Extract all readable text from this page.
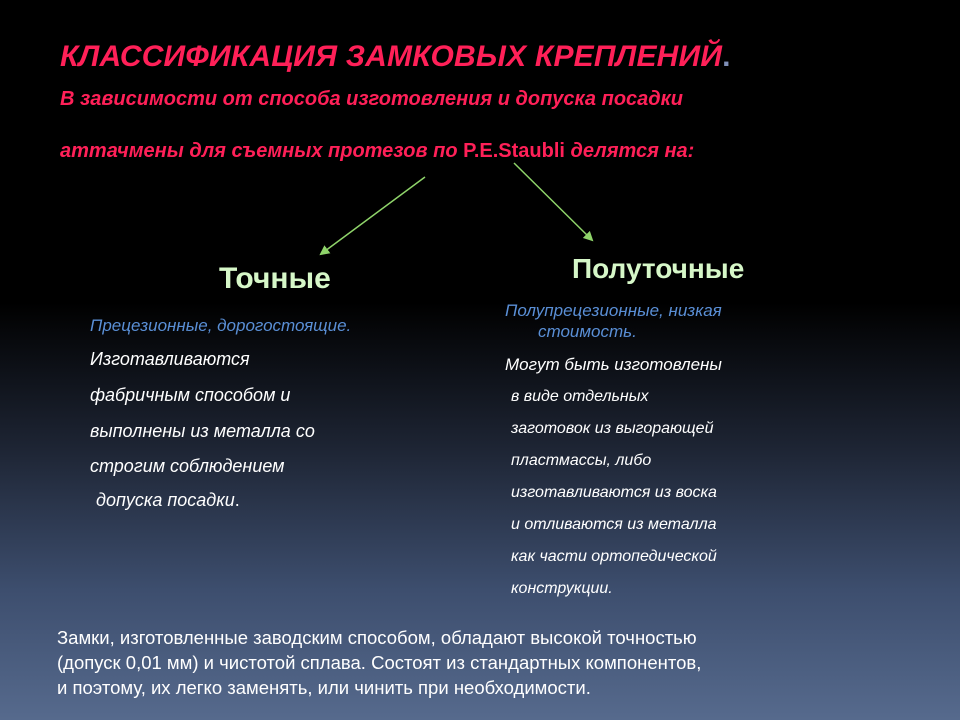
КЛАССИФИКАЦИЯ ЗАМКОВЫХ КРЕПЛЕНИЙ.
В зависимости от способа изготовления и допуска посадки
аттачмены для съемных протезов по P.E.Staubli делятся на:
Точные	Полуточные
Прецезионные, дорогостоящие.
Изготавливаются
фабричным способом и
выполнены из металла со
строгим соблюдением
допуска посадки.
Полупрецезионные, низкая
стоимость.
Могут быть изготовлены
в виде отдельных
заготовок из выгорающей
пластмассы, либо
изготавливаются из воска
и отливаются из металла
как части ортопедической
конструкции.

Замки, изготовленные заводским способом, обладают высокой точностью
(допуск 0,01 мм) и чистотой сплава. Состоят из стандартных компонентов,
и поэтому, их легко заменять, или чинить при необходимости.
